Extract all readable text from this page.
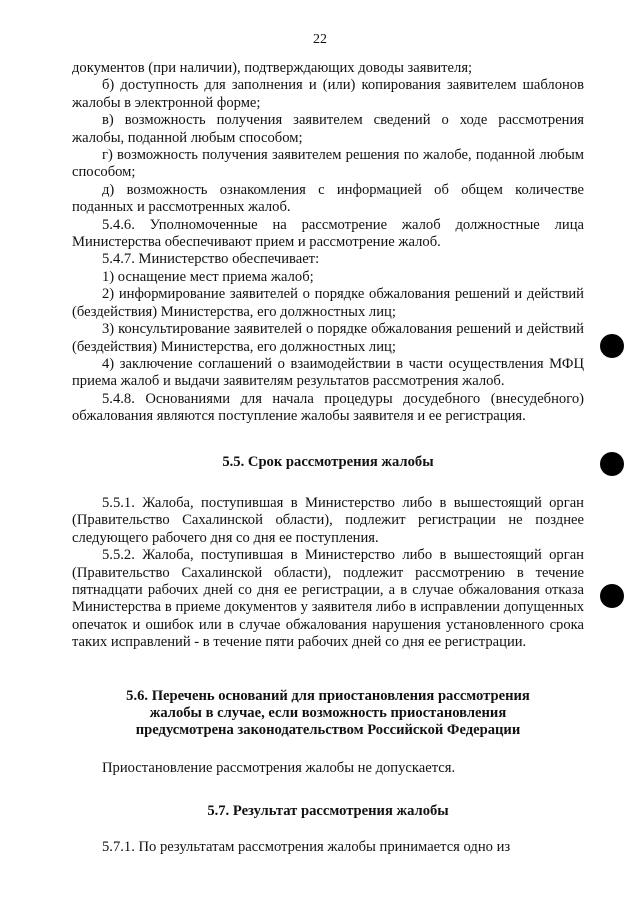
22

документов (при наличии), подтверждающих доводы заявителя;

б) доступность для заполнения и (или) копирования заявителем шаблонов жалобы в электронной форме;

в) возможность получения заявителем сведений о ходе рассмотрения жалобы, поданной любым способом;

г) возможность получения заявителем решения по жалобе, поданной любым способом;

д) возможность ознакомления с информацией об общем количестве поданных и рассмотренных жалоб.

5.4.6. Уполномоченные на рассмотрение жалоб должностные лица Министерства обеспечивают прием и рассмотрение жалоб.

5.4.7. Министерство обеспечивает:

1) оснащение мест приема жалоб;

2) информирование заявителей о порядке обжалования решений и действий (бездействия) Министерства, его должностных лиц;

3) консультирование заявителей о порядке обжалования решений и действий (бездействия) Министерства, его должностных лиц;

4) заключение соглашений о взаимодействии в части осуществления МФЦ приема жалоб и выдачи заявителям результатов рассмотрения жалоб.

5.4.8. Основаниями для начала процедуры досудебного (внесудебного) обжалования являются поступление жалобы заявителя и ее регистрация.

5.5. Срок рассмотрения жалобы

5.5.1. Жалоба, поступившая в Министерство либо в вышестоящий орган (Правительство Сахалинской области), подлежит регистрации не позднее следующего рабочего дня со дня ее поступления.

5.5.2. Жалоба, поступившая в Министерство либо в вышестоящий орган (Правительство Сахалинской области), подлежит рассмотрению в течение пятнадцати рабочих дней со дня ее регистрации, а в случае обжалования отказа Министерства в приеме документов у заявителя либо в исправлении допущенных опечаток и ошибок или в случае обжалования нарушения установленного срока таких исправлений - в течение пяти рабочих дней со дня ее регистрации.

5.6. Перечень оснований для приостановления рассмотрения
жалобы в случае, если возможность приостановления
предусмотрена законодательством Российской Федерации

Приостановление рассмотрения жалобы не допускается.

5.7. Результат рассмотрения жалобы

5.7.1. По результатам рассмотрения жалобы принимается одно из
